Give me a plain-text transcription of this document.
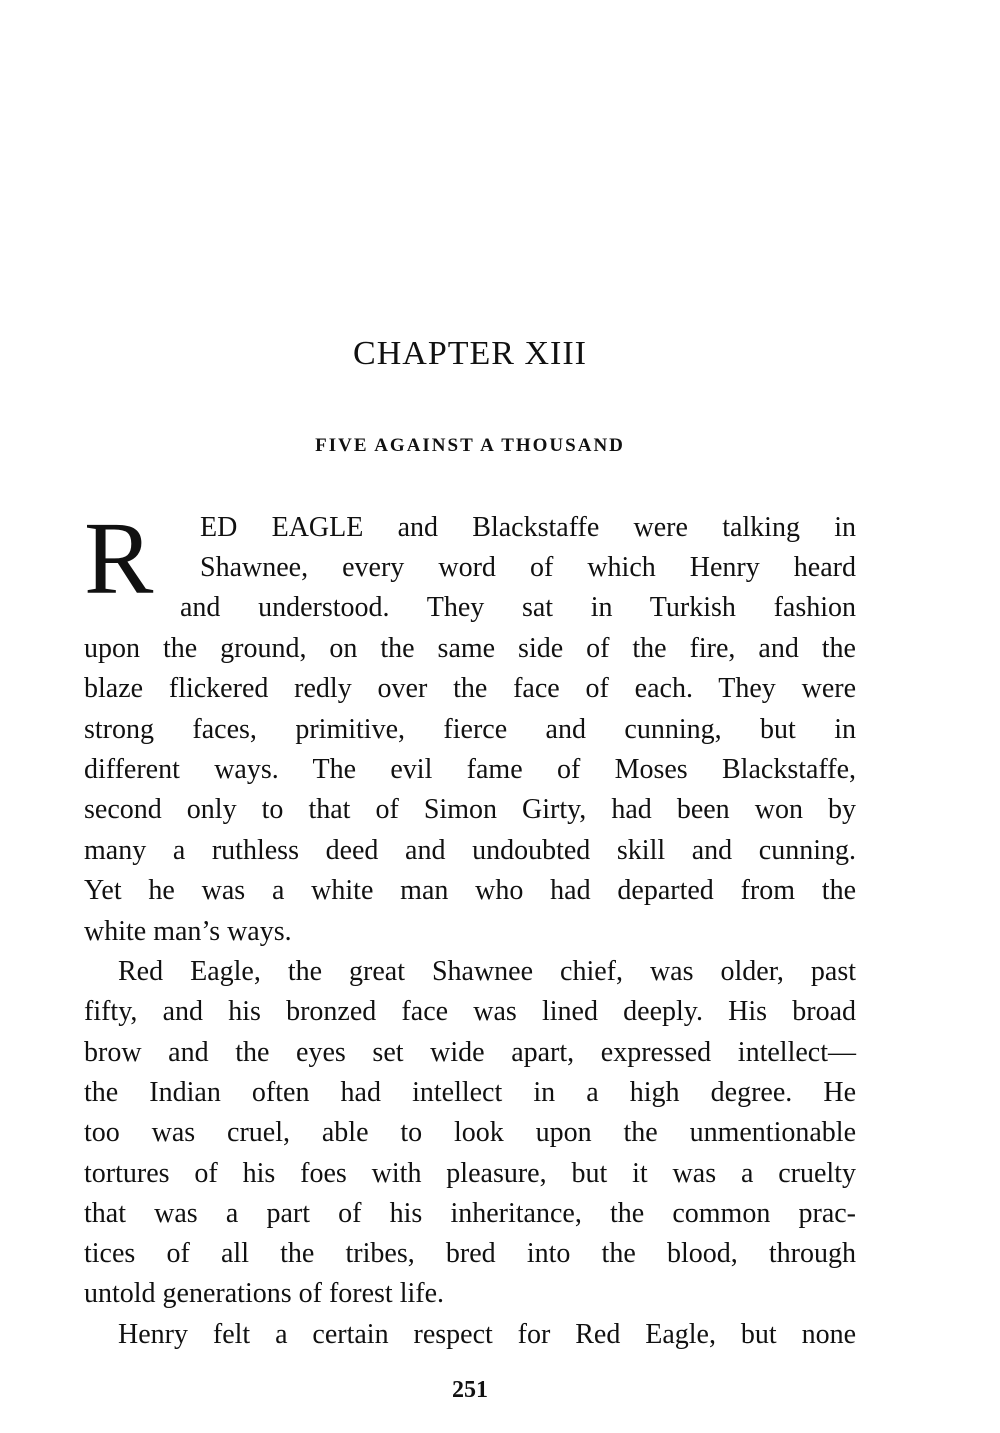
CHAPTER XIII
FIVE AGAINST A THOUSAND
R ED EAGLE and Blackstaffe were talking in
Shawnee, every word of which Henry heard
and understood. They sat in Turkish fashion
upon the ground, on the same side of the fire, and the
blaze flickered redly over the face of each. They were
strong faces, primitive, fierce and cunning, but in
different ways. The evil fame of Moses Blackstaffe,
second only to that of Simon Girty, had been won by
many a ruthless deed and undoubted skill and cunning.
Yet he was a white man who had departed from the
white man’s ways.
Red Eagle, the great Shawnee chief, was older, past
fifty, and his bronzed face was lined deeply. His broad
brow and the eyes set wide apart, expressed intellect—
the Indian often had intellect in a high degree. He
too was cruel, able to look upon the unmentionable
tortures of his foes with pleasure, but it was a cruelty
that was a part of his inheritance, the common prac-
tices of all the tribes, bred into the blood, through
untold generations of forest life.
Henry felt a certain respect for Red Eagle, but none
251
